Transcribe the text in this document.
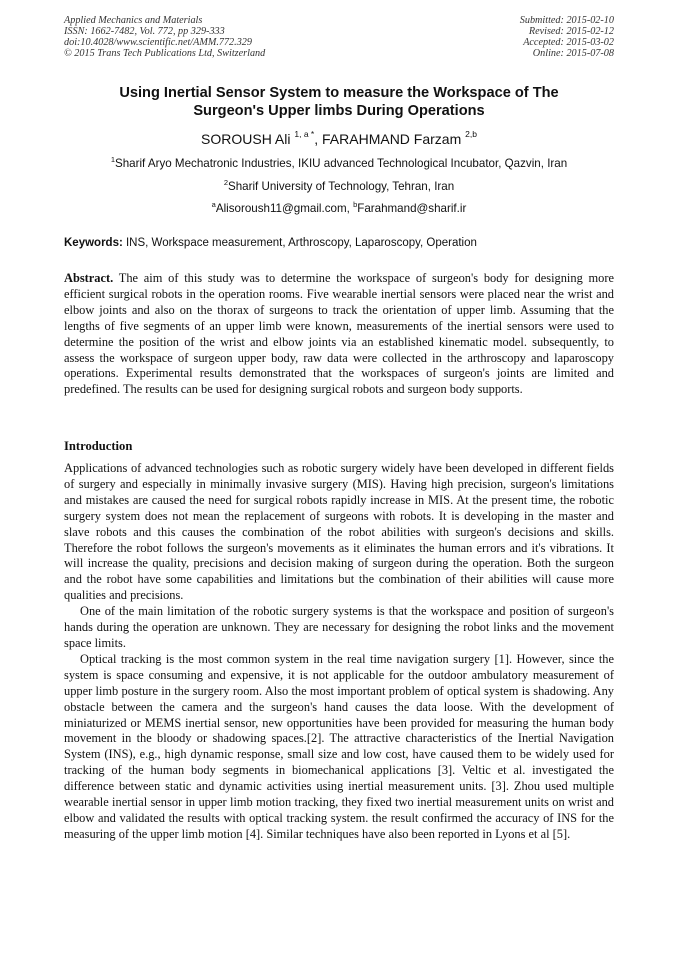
Applied Mechanics and Materials
ISSN: 1662-7482, Vol. 772, pp 329-333
doi:10.4028/www.scientific.net/AMM.772.329
© 2015 Trans Tech Publications Ltd, Switzerland
Submitted: 2015-02-10
Revised: 2015-02-12
Accepted: 2015-03-02
Online: 2015-07-08
Using Inertial Sensor System to measure the Workspace of The
Surgeon's Upper limbs During Operations
SOROUSH Ali $^{1, a *}$, FARAHMAND Farzam $^{2,b}$
$^1$Sharif Aryo Mechatronic Industries, IKIU advanced Technological Incubator, Qazvin, Iran
$^2$Sharif University of Technology, Tehran, Iran
$^a$Alisoroush11@gmail.com, $^b$Farahmand@sharif.ir
Keywords: INS, Workspace measurement, Arthroscopy, Laparoscopy, Operation
Abstract. The aim of this study was to determine the workspace of surgeon's body for designing more efficient surgical robots in the operation rooms. Five wearable inertial sensors were placed near the wrist and elbow joints and also on the thorax of surgeons to track the orientation of upper limb. Assuming that the lengths of five segments of an upper limb were known, measurements of the inertial sensors were used to determine the position of the wrist and elbow joints via an established kinematic model. subsequently, to assess the workspace of surgeon upper body, raw data were collected in the arthroscopy and laparoscopy operations. Experimental results demonstrated that the workspaces of surgeon's joints are limited and predefined. The results can be used for designing surgical robots and surgeon body supports.
Introduction

Applications of advanced technologies such as robotic surgery widely have been developed in different fields of surgery and especially in minimally invasive surgery (MIS). Having high precision, surgeon's limitations and mistakes are caused the need for surgical robots rapidly increase in MIS. At the present time, the robotic surgery system does not mean the replacement of surgeons with robots. It is developing in the master and slave robots and this causes the combination of the robot abilities with surgeon's decisions and skills. Therefore the robot follows the surgeon's movements as it eliminates the human errors and it's vibrations. It will increase the quality, precisions and decision making of surgeon during the operation. Both the surgeon and the robot have some capabilities and limitations but the combination of their abilities will cause more qualities and precisions.

One of the main limitation of the robotic surgery systems is that the workspace and position of surgeon's hands during the operation are unknown. They are necessary for designing the robot links and the movement space limits.

Optical tracking is the most common system in the real time navigation surgery [1]. However, since the system is space consuming and expensive, it is not applicable for the outdoor ambulatory measurement of upper limb posture in the surgery room. Also the most important problem of optical system is shadowing. Any obstacle between the camera and the surgeon's hand causes the data loose. With the development of miniaturized or MEMS inertial sensor, new opportunities have been provided for measuring the human body movement in the bloody or shadowing spaces.[2]. The attractive characteristics of the Inertial Navigation System (INS), e.g., high dynamic response, small size and low cost, have caused them to be widely used for tracking of the human body segments in biomechanical applications [3]. Veltic et al. investigated the difference between static and dynamic activities using inertial measurement units. [3]. Zhou used multiple wearable inertial sensor in upper limb motion tracking, they fixed two inertial measurement units on wrist and elbow and validated the results with optical tracking system. the result confirmed the accuracy of INS for the measuring of the upper limb motion [4]. Similar techniques have also been reported in Lyons et al [5].
